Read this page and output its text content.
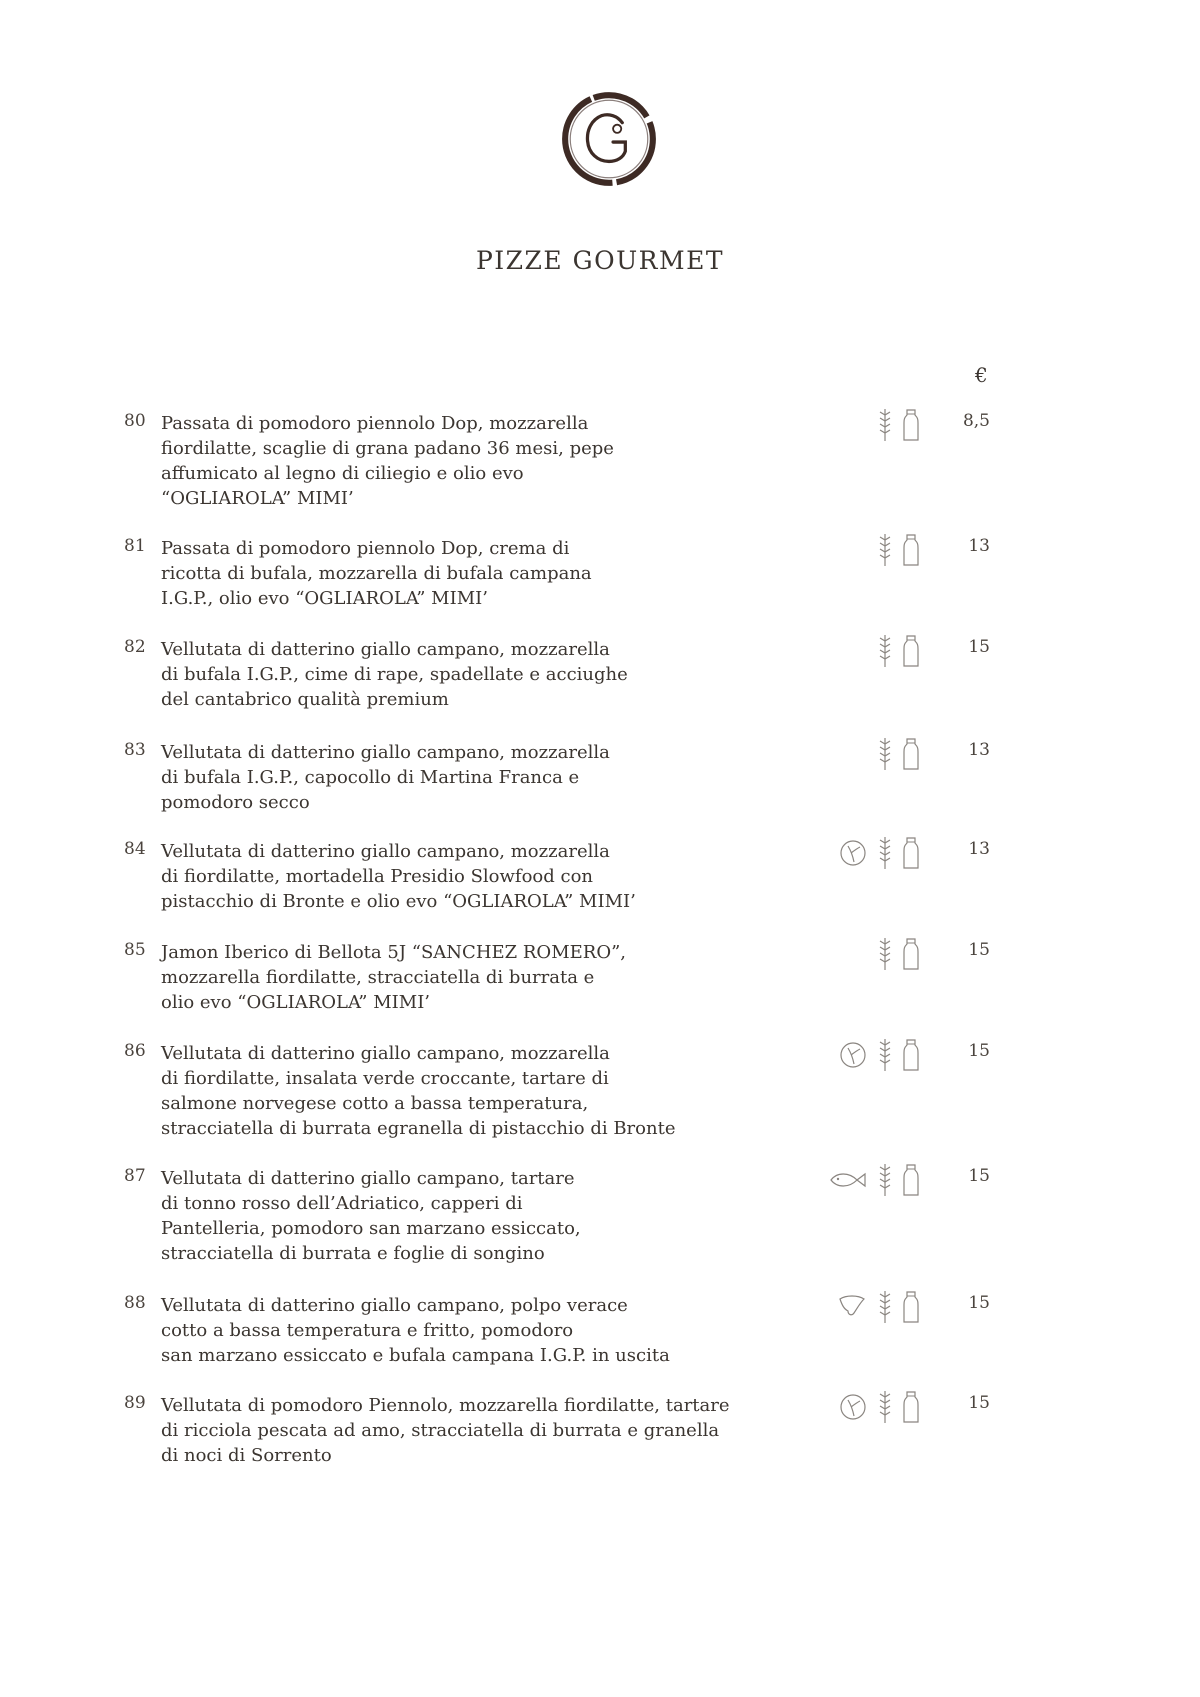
PIZZE GOURMET
€
80 Passata di pomodoro piennolo Dop, mozzarella
fiordilatte, scaglie di grana padano 36 mesi, pepe
affumicato al legno di ciliegio e olio evo
“OGLIAROLA” MIMI’
8,5
81 Passata di pomodoro piennolo Dop, crema di
ricotta di bufala, mozzarella di bufala campana
I.G.P., olio evo “OGLIAROLA” MIMI’
13
82 Vellutata di datterino giallo campano, mozzarella
di bufala I.G.P., cime di rape, spadellate e acciughe
del cantabrico qualità premium
15
83 Vellutata di datterino giallo campano, mozzarella
di bufala I.G.P., capocollo di Martina Franca e
pomodoro secco
13
84 Vellutata di datterino giallo campano, mozzarella
di fiordilatte, mortadella Presidio Slowfood con
pistacchio di Bronte e olio evo “OGLIAROLA” MIMI’
13
85 Jamon Iberico di Bellota 5J “SANCHEZ ROMERO”,
mozzarella fiordilatte, stracciatella di burrata e
olio evo “OGLIAROLA” MIMI’
15
86 Vellutata di datterino giallo campano, mozzarella
di fiordilatte, insalata verde croccante, tartare di
salmone norvegese cotto a bassa temperatura,
stracciatella di burrata egranella di pistacchio di Bronte
15
87 Vellutata di datterino giallo campano, tartare
di tonno rosso dell’Adriatico, capperi di
Pantelleria, pomodoro san marzano essiccato,
stracciatella di burrata e foglie di songino
15
88 Vellutata di datterino giallo campano, polpo verace
cotto a bassa temperatura e fritto, pomodoro
san marzano essiccato e bufala campana I.G.P. in uscita
15
89 Vellutata di pomodoro Piennolo, mozzarella fiordilatte, tartare
di ricciola pescata ad amo, stracciatella di burrata e granella
di noci di Sorrento
15
